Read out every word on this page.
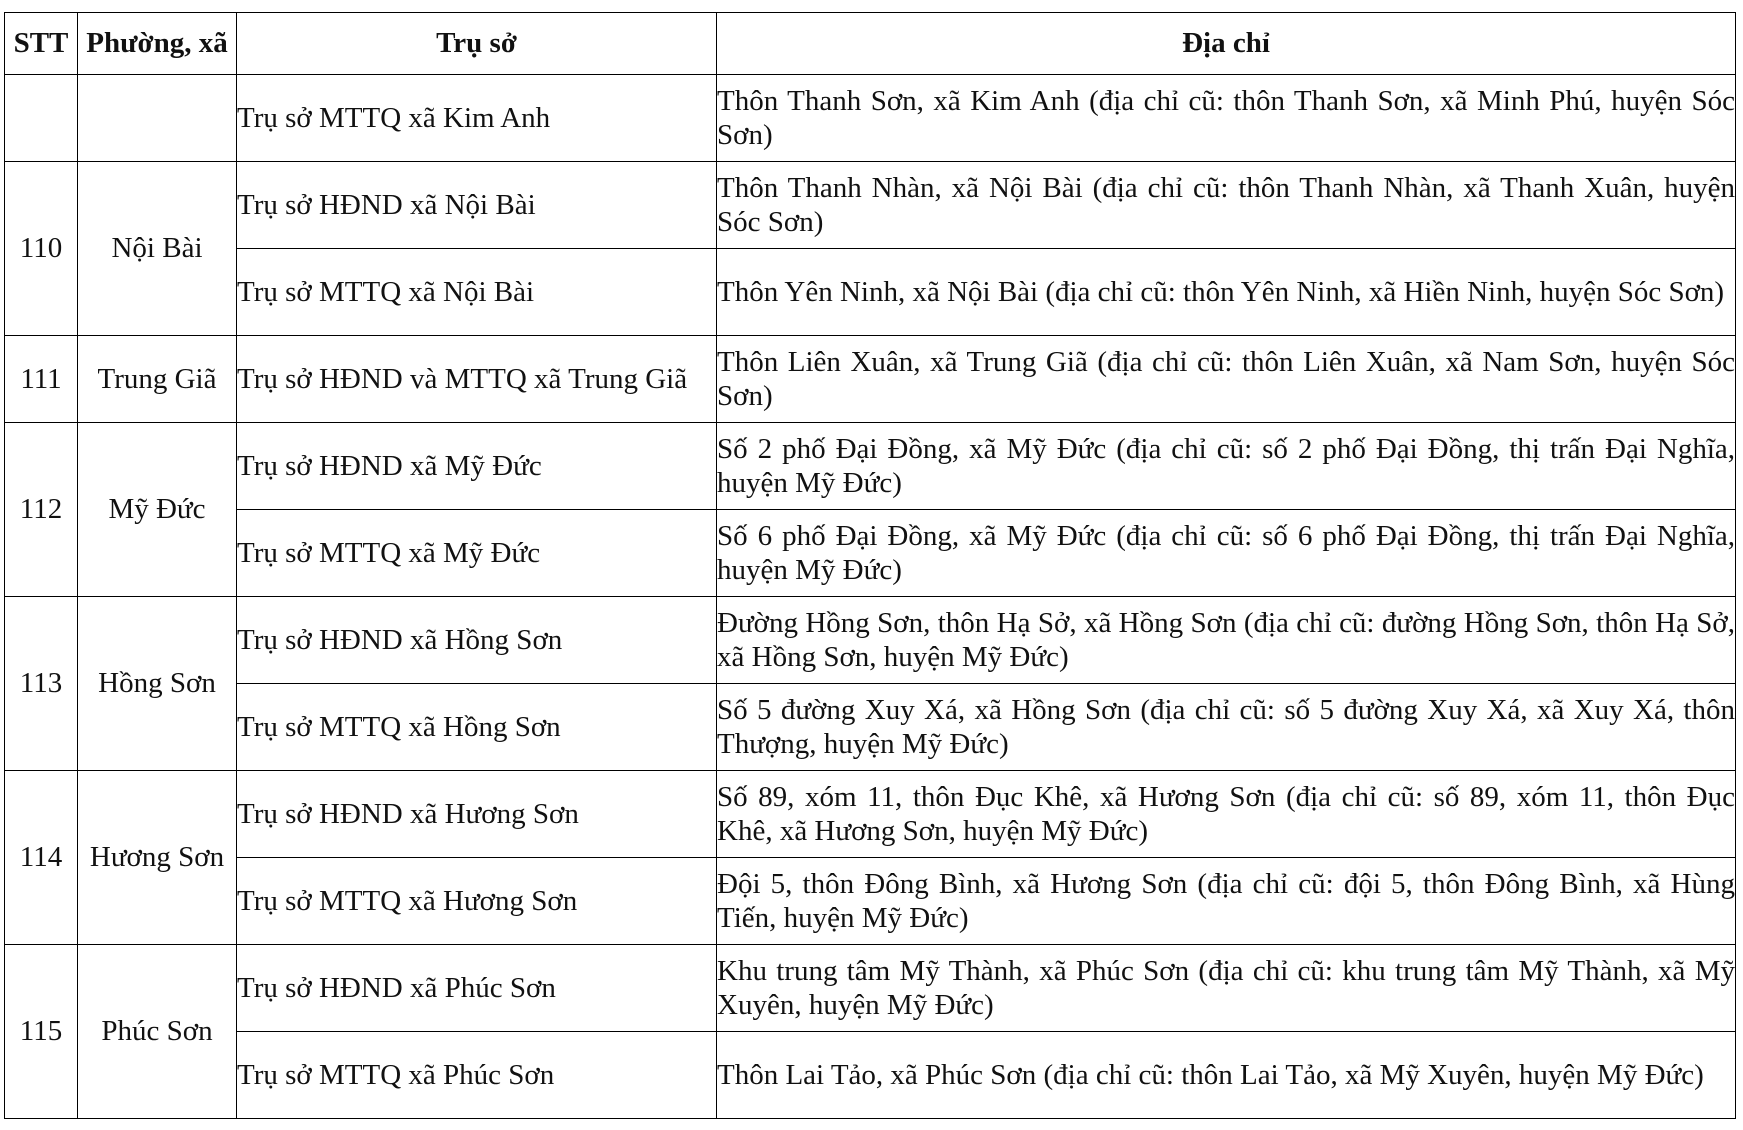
STT	Phường, xã	Trụ sở	Địa chỉ
		Trụ sở MTTQ xã Kim Anh	Thôn Thanh Sơn, xã Kim Anh (địa chỉ cũ: thôn Thanh Sơn, xã Minh Phú, huyện Sóc Sơn)
110	Nội Bài	Trụ sở HĐND xã Nội Bài	Thôn Thanh Nhàn, xã Nội Bài (địa chỉ cũ: thôn Thanh Nhàn, xã Thanh Xuân, huyện Sóc Sơn)
		Trụ sở MTTQ xã Nội Bài	Thôn Yên Ninh, xã Nội Bài (địa chỉ cũ: thôn Yên Ninh, xã Hiền Ninh, huyện Sóc Sơn)
111	Trung Giã	Trụ sở HĐND và MTTQ xã Trung Giã	Thôn Liên Xuân, xã Trung Giã (địa chỉ cũ: thôn Liên Xuân, xã Nam Sơn, huyện Sóc Sơn)
112	Mỹ Đức	Trụ sở HĐND xã Mỹ Đức	Số 2 phố Đại Đồng, xã Mỹ Đức (địa chỉ cũ: số 2 phố Đại Đồng, thị trấn Đại Nghĩa, huyện Mỹ Đức)
		Trụ sở MTTQ xã Mỹ Đức	Số 6 phố Đại Đồng, xã Mỹ Đức (địa chỉ cũ: số 6 phố Đại Đồng, thị trấn Đại Nghĩa, huyện Mỹ Đức)
113	Hồng Sơn	Trụ sở HĐND xã Hồng Sơn	Đường Hồng Sơn, thôn Hạ Sở, xã Hồng Sơn (địa chỉ cũ: đường Hồng Sơn, thôn Hạ Sở, xã Hồng Sơn, huyện Mỹ Đức)
		Trụ sở MTTQ xã Hồng Sơn	Số 5 đường Xuy Xá, xã Hồng Sơn (địa chỉ cũ: số 5 đường Xuy Xá, xã Xuy Xá, thôn Thượng, huyện Mỹ Đức)
114	Hương Sơn	Trụ sở HĐND xã Hương Sơn	Số 89, xóm 11, thôn Đục Khê, xã Hương Sơn (địa chỉ cũ: số 89, xóm 11, thôn Đục Khê, xã Hương Sơn, huyện Mỹ Đức)
		Trụ sở MTTQ xã Hương Sơn	Đội 5, thôn Đông Bình, xã Hương Sơn (địa chỉ cũ: đội 5, thôn Đông Bình, xã Hùng Tiến, huyện Mỹ Đức)
115	Phúc Sơn	Trụ sở HĐND xã Phúc Sơn	Khu trung tâm Mỹ Thành, xã Phúc Sơn (địa chỉ cũ: khu trung tâm Mỹ Thành, xã Mỹ Xuyên, huyện Mỹ Đức)
		Trụ sở MTTQ xã Phúc Sơn	Thôn Lai Tảo, xã Phúc Sơn (địa chỉ cũ: thôn Lai Tảo, xã Mỹ Xuyên, huyện Mỹ Đức)
